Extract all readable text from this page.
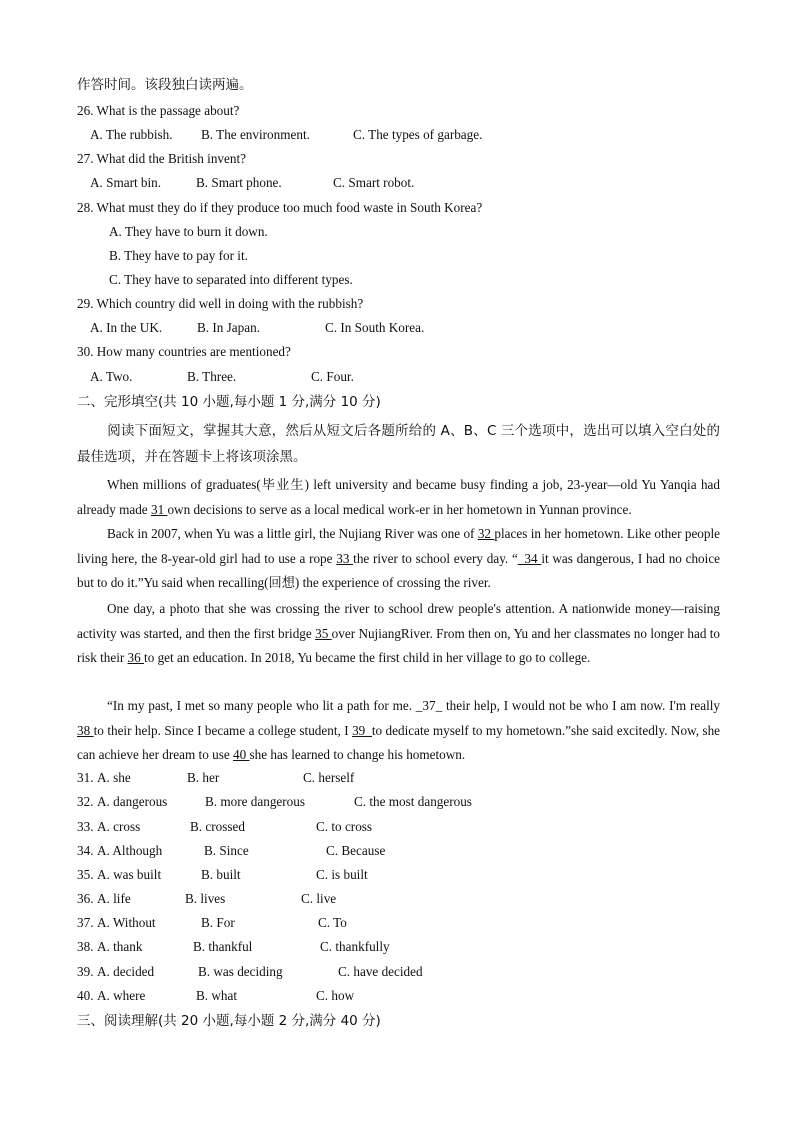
作答时间。该段独白读两遍。
26. What is the passage about?
A. The rubbish. B. The environment.	C. The types of garbage.
27. What did the British invent?
A. Smart bin.	B. Smart phone.	C. Smart robot.
28. What must they do if they produce too much food waste in South Korea?
A. They have to burn it down.
B. They have to pay for it.
C. They have to separated into different types.
29. Which country did well in doing with the rubbish?
A. In the UK.	B. In Japan.	C. In South Korea.
30. How many countries are mentioned?
A. Two.	B. Three.	C. Four.
二、完形填空(共 10 小题,每小题 1 分,满分 10 分)
阅读下面短文，掌握其大意，然后从短文后各题所给的 A、B、C 三个选项中，选出可以填入空白处的最佳选项，并在答题卡上将该项涂黑。
When millions of graduates(毕业生) left university and became busy finding a job, 23-year—old Yu Yanqia had already made 31 own decisions to serve as a local medical work-er in her hometown in Yunnan province.
Back in 2007, when Yu was a little girl, the Nujiang River was one of 32 places in her hometown. Like other people living here, the 8-year-old girl had to use a rope 33 the river to school every day. “_34 it was dangerous, I had no choice but to do it.”Yu said when recalling(回想) the experience of crossing the river.
One day, a photo that she was crossing the river to school drew people's attention. A nationwide money—raising activity was started, and then the first bridge 35 over NujiangRiver. From then on, Yu and her classmates no longer had to risk their 36 to get an education. In 2018, Yu became the first child in her village to go to college.
“In my past, I met so many people who lit a path for me. _37_ their help, I would not be who I am now. I'm really 38 to their help. Since I became a college student, I 39_to dedicate myself to my hometown.”she said excitedly. Now, she can achieve her dream to use 40 she has learned to change his hometown.
31. A. she	B. her	C. herself
32. A. dangerous	B. more dangerous	C. the most dangerous
33. A. cross	B. crossed	C. to cross
34. A. Although	B. Since	C. Because
35. A. was built	B. built	C. is built
36. A. life	B. lives	C. live
37. A. Without	B. For	C. To
38. A. thank	B. thankful	C. thankfully
39. A. decided	B. was deciding	C. have decided
40. A. where	B. what	C. how
三、阅读理解(共 20 小题,每小题 2 分,满分 40 分)
